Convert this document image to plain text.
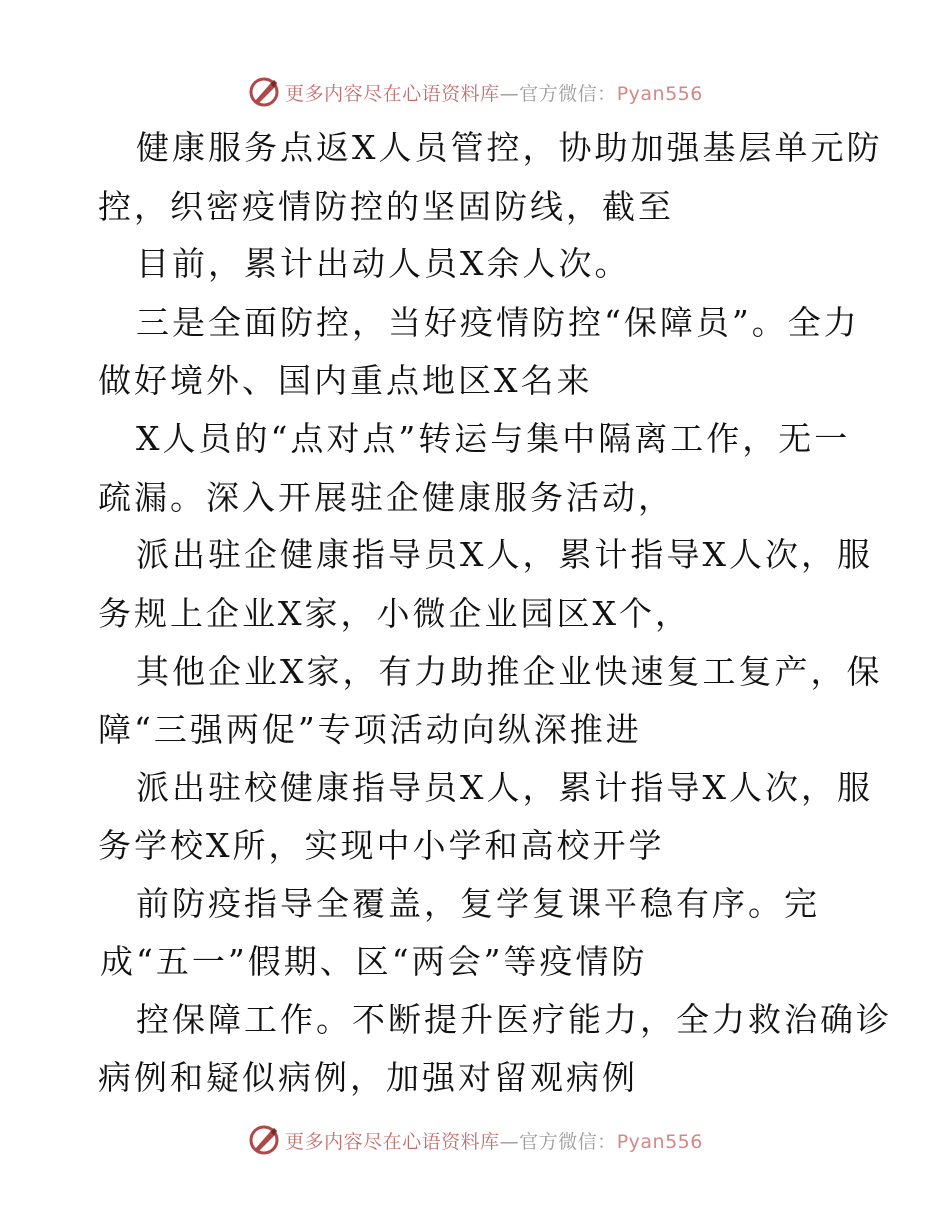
更多内容尽在心语资料库—官方微信：Pyan556
健康服务点返X人员管控，协助加强基层单元防
控，织密疫情防控的坚固防线，截至
目前，累计出动人员X余人次。
三是全面防控，当好疫情防控“保障员”。全力
做好境外、国内重点地区X名来
X人员的“点对点”转运与集中隔离工作，无一
疏漏。深入开展驻企健康服务活动，
派出驻企健康指导员X人，累计指导X人次，服
务规上企业X家，小微企业园区X个，
其他企业X家，有力助推企业快速复工复产，保
障“三强两促”专项活动向纵深推进
派出驻校健康指导员X人，累计指导X人次，服
务学校X所，实现中小学和高校开学
前防疫指导全覆盖，复学复课平稳有序。完
成“五一”假期、区“两会”等疫情防
控保障工作。不断提升医疗能力，全力救治确诊
病例和疑似病例，加强对留观病例
更多内容尽在心语资料库—官方微信：Pyan556
